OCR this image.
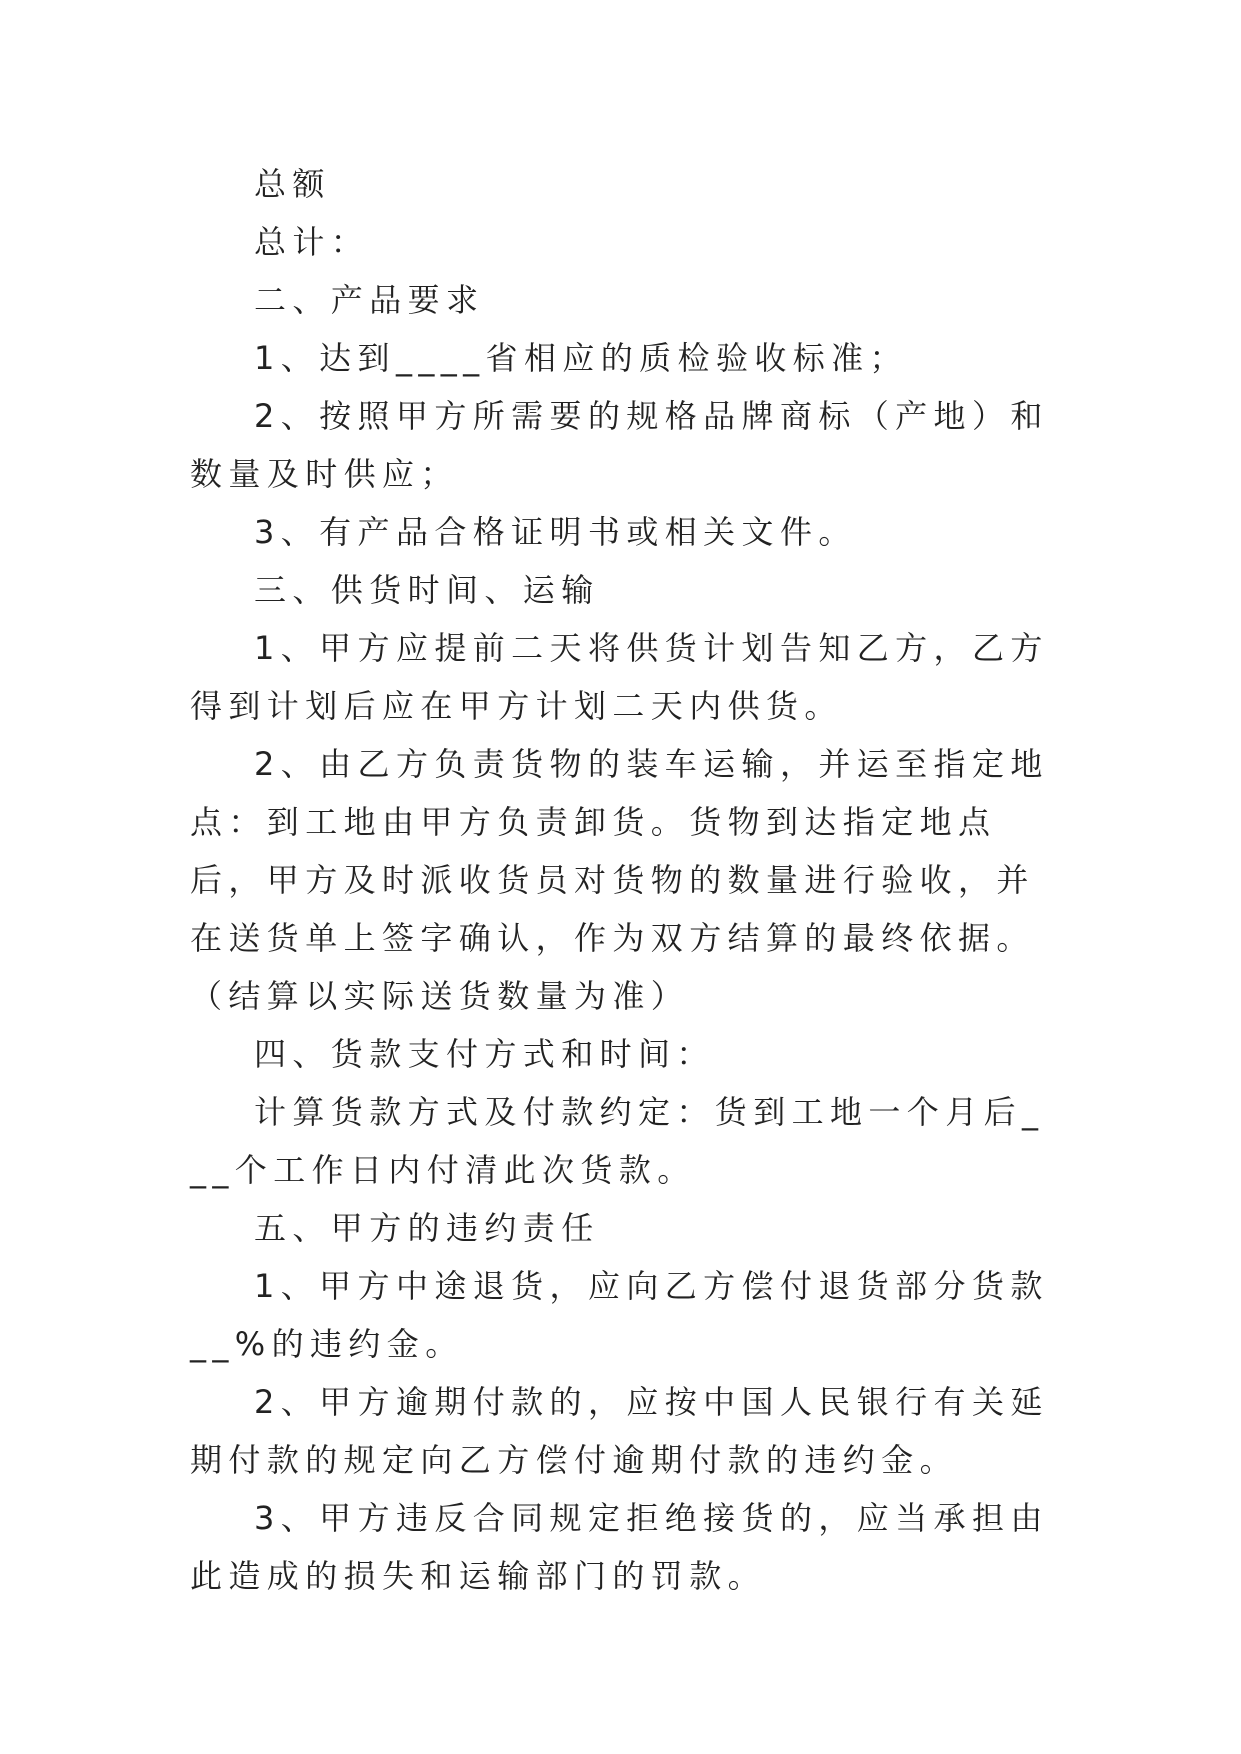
总额

总计：

二、产品要求

1、达到____省相应的质检验收标准；

2、按照甲方所需要的规格品牌商标（产地）和数量及时供应；

3、有产品合格证明书或相关文件。

三、供货时间、运输

1、甲方应提前二天将供货计划告知乙方，乙方得到计划后应在甲方计划二天内供货。

2、由乙方负责货物的装车运输，并运至指定地点：到工地由甲方负责卸货。货物到达指定地点后，甲方及时派收货员对货物的数量进行验收，并在送货单上签字确认，作为双方结算的最终依据。（结算以实际送货数量为准）

四、货款支付方式和时间：

计算货款方式及付款约定：货到工地一个月后___个工作日内付清此次货款。

五、甲方的违约责任

1、甲方中途退货，应向乙方偿付退货部分货款__%的违约金。

2、甲方逾期付款的，应按中国人民银行有关延期付款的规定向乙方偿付逾期付款的违约金。

3、甲方违反合同规定拒绝接货的，应当承担由此造成的损失和运输部门的罚款。
